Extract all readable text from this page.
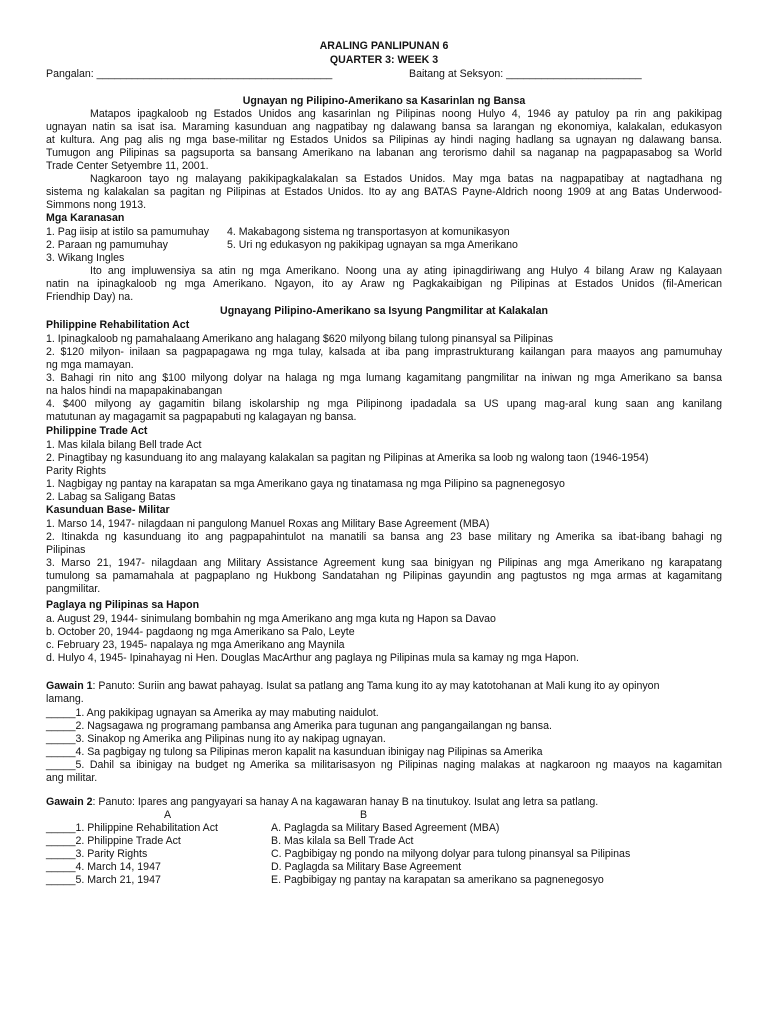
ARALING PANLIPUNAN 6
QUARTER 3: WEEK 3
Pangalan: ________________________________________	Baitang at Seksyon: _______________________
Ugnayan ng Pilipino-Amerikano sa Kasarinlan ng Bansa
Matapos ipagkaloob ng Estados Unidos ang kasarinlan ng Pilipinas noong Hulyo 4, 1946 ay patuloy pa rin ang pakikipag
ugnayan natin sa isat isa. Maraming kasunduan ang nagpatibay ng dalawang bansa sa larangan ng ekonomiya, kalakalan, edukasyon
at kultura. Ang pag alis ng mga base-militar ng Estados Unidos sa Pilipinas ay hindi naging hadlang sa ugnayan ng dalawang bansa.
Tumugon ang Pilipinas sa pagsuporta sa bansang Amerikano na labanan ang terorismo dahil sa naganap na pagpapasabog sa World
Trade Center Setyembre 11, 2001.
Nagkaroon tayo ng malayang pakikipagkalakalan sa Estados Unidos. May mga batas na nagpapatibay at nagtadhana ng
sistema ng kalakalan sa pagitan ng Pilipinas at Estados Unidos. Ito ay ang BATAS Payne-Aldrich noong 1909 at ang Batas Underwood-
Simmons nong 1913.
Mga Karanasan
1. Pag iisip at istilo sa pamumuhay 4. Makabagong sistema ng transportasyon at komunikasyon
2. Paraan ng pamumuhay	5. Uri ng edukasyon ng pakikipag ugnayan sa mga Amerikano
3. Wikang Ingles
Ito ang impluwensiya sa atin ng mga Amerikano. Noong una ay ating ipinagdiriwang ang Hulyo 4 bilang Araw ng Kalayaan
natin na ipinagkaloob ng mga Amerikano. Ngayon, ito ay Araw ng Pagkakaibigan ng Pilipinas at Estados Unidos (fil-American
Friendhip Day) na.
Ugnayang Pilipino-Amerikano sa Isyung Pangmilitar at Kalakalan
Philippine Rehabilitation Act
1. Ipinagkaloob ng pamahalaang Amerikano ang halagang $620 milyong bilang tulong pinansyal sa Pilipinas
2. $120 milyon- inilaan sa pagpapagawa ng mga tulay, kalsada at iba pang imprastrukturang kailangan para maayos ang pamumuhay
ng mga mamayan.
3. Bahagi rin nito ang $100 milyong dolyar na halaga ng mga lumang kagamitang pangmilitar na iniwan ng mga Amerikano sa bansa
na halos hindi na mapapakinabangan
4. $400 milyong ay gagamitin bilang iskolarship ng mga Pilipinong ipadadala sa US upang mag-aral kung saan ang kanilang
matutunan ay magagamit sa pagpapabuti ng kalagayan ng bansa.
Philippine Trade Act
1. Mas kilala bilang Bell trade Act
2. Pinagtibay ng kasunduang ito ang malayang kalakalan sa pagitan ng Pilipinas at Amerika sa loob ng walong taon (1946-1954)
Parity Rights
1. Nagbigay ng pantay na karapatan sa mga Amerikano gaya ng tinatamasa ng mga Pilipino sa pagnenegosyo
2. Labag sa Saligang Batas
Kasunduan Base- Militar
1. Marso 14, 1947- nilagdaan ni pangulong Manuel Roxas ang Military Base Agreement (MBA)
2. Itinakda ng kasunduang ito ang pagpapahintulot na manatili sa bansa ang 23 base military ng Amerika sa ibat-ibang bahagi ng
Pilipinas
3. Marso 21, 1947- nilagdaan ang Military Assistance Agreement kung saa binigyan ng Pilipinas ang mga Amerikano ng karapatang
tumulong sa pamamahala at pagpaplano ng Hukbong Sandatahan ng Pilipinas gayundin ang pagtustos ng mga armas at kagamitang
pangmilitar.
Paglaya ng Pilipinas sa Hapon
a. August 29, 1944- sinimulang bombahin ng mga Amerikano ang mga kuta ng Hapon sa Davao
b. October 20, 1944- pagdaong ng mga Amerikano sa Palo, Leyte
c. February 23, 1945- napalaya ng mga Amerikano ang Maynila
d. Hulyo 4, 1945- Ipinahayag ni Hen. Douglas MacArthur ang paglaya ng Pilipinas mula sa kamay ng mga Hapon.
Gawain 1: Panuto: Suriin ang bawat pahayag. Isulat sa patlang ang Tama kung ito ay may katotohanan at Mali kung ito ay opinyon
lamang.
_____1. Ang pakikipag ugnayan sa Amerika ay may mabuting naidulot.
_____2. Nagsagawa ng programang pambansa ang Amerika para tugunan ang pangangailangan ng bansa.
_____3. Sinakop ng Amerika ang Pilipinas nung ito ay nakipag ugnayan.
_____4. Sa pagbigay ng tulong sa Pilipinas meron kapalit na kasunduan ibinigay nag Pilipinas sa Amerika
_____5. Dahil sa ibinigay na budget ng Amerika sa militarisasyon ng Pilipinas naging malakas at nagkaroon ng maayos na kagamitan
ang militar.
Gawain 2: Panuto: Ipares ang pangyayari sa hanay A na kagawaran hanay B na tinutukoy. Isulat ang letra sa patlang.
A	B
_____1. Philippine Rehabilitation Act	A. Paglagda sa Military Based Agreement (MBA)
_____2. Philippine Trade Act	B. Mas kilala sa Bell Trade Act
_____3. Parity Rights	C. Pagbibigay ng pondo na milyong dolyar para tulong pinansyal sa Pilipinas
_____4. March 14, 1947	D. Paglagda sa Military Base Agreement
_____5. March 21, 1947	E. Pagbibigay ng pantay na karapatan sa amerikano sa pagnenegosyo
